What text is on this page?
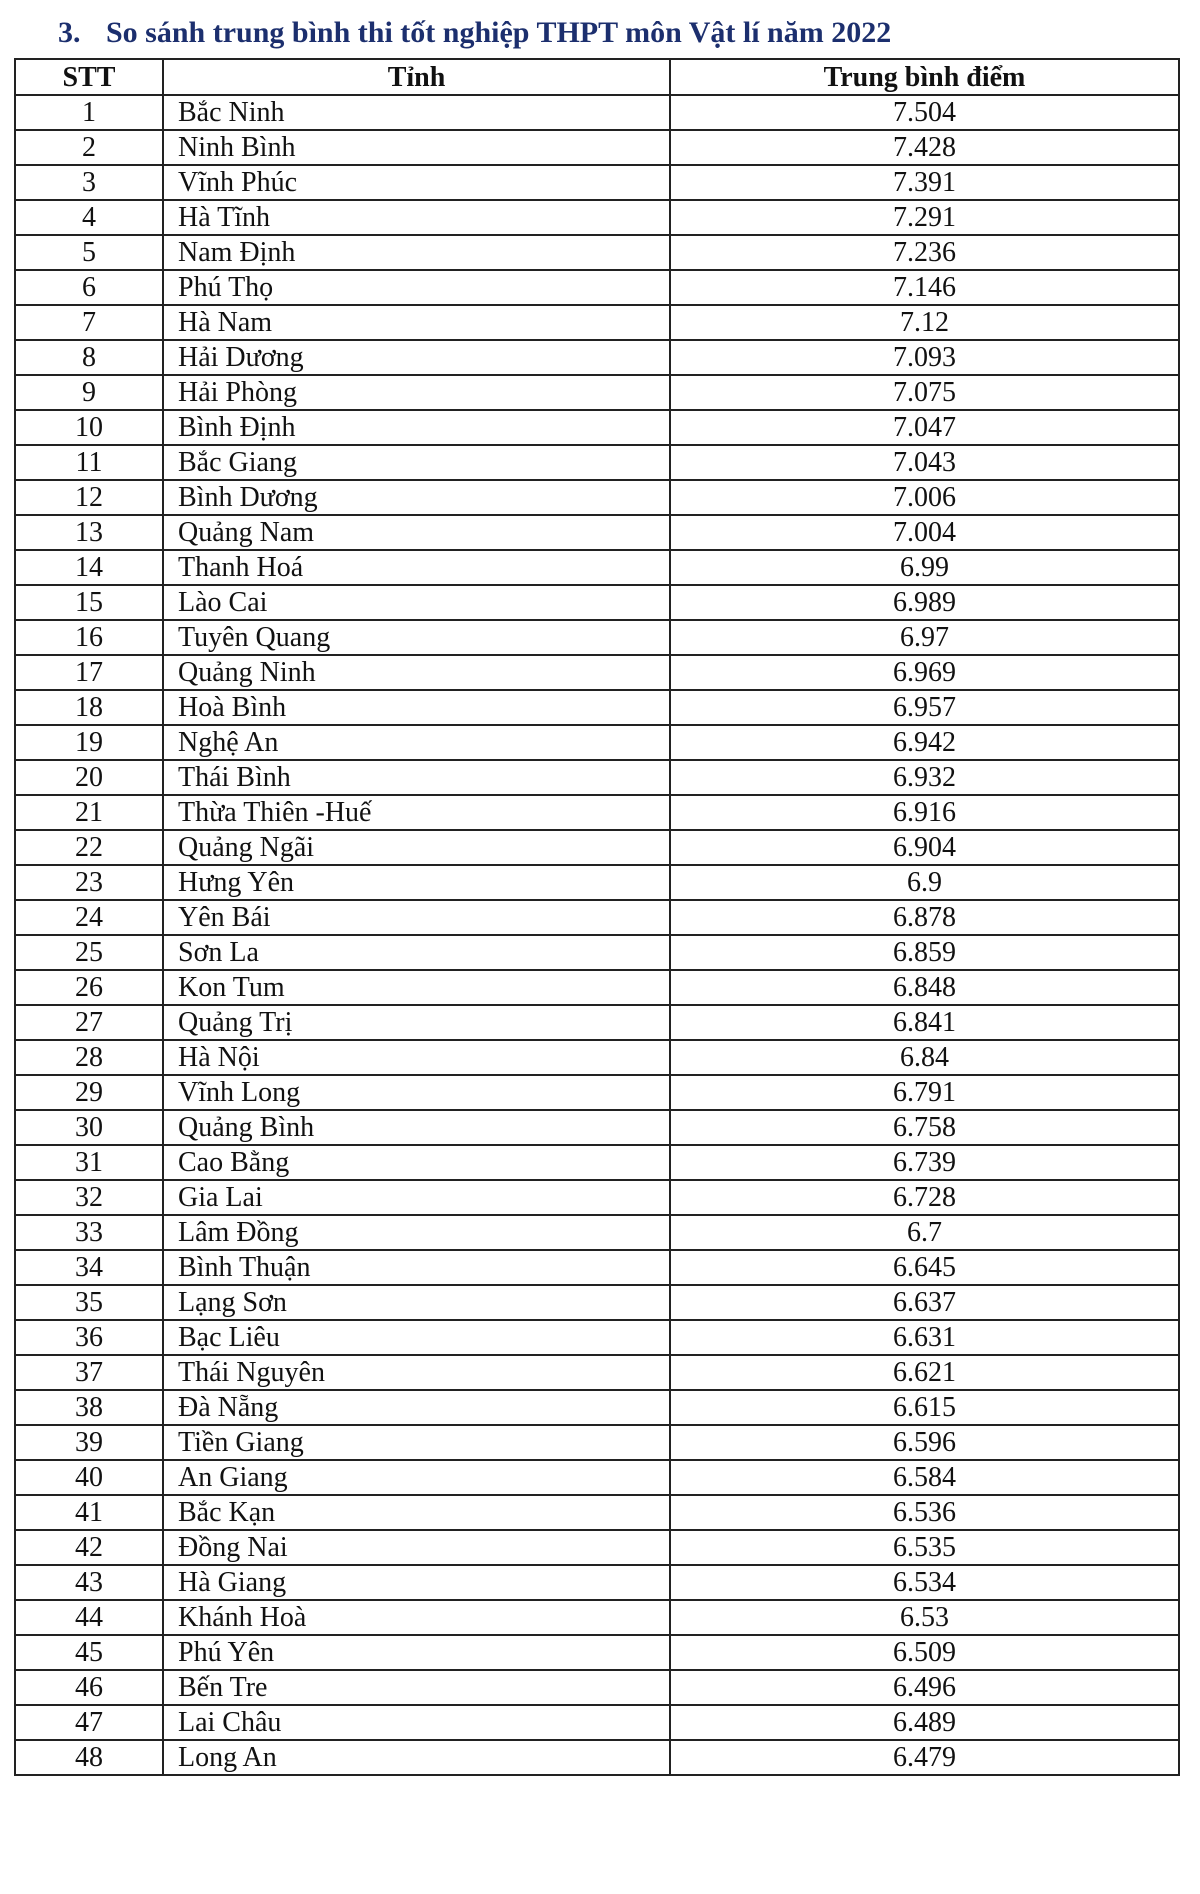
3. So sánh trung bình thi tốt nghiệp THPT môn Vật lí năm 2022
STT	Tỉnh	Trung bình điểm
1	Bắc Ninh	7.504
2	Ninh Bình	7.428
3	Vĩnh Phúc	7.391
4	Hà Tĩnh	7.291
5	Nam Định	7.236
6	Phú Thọ	7.146
7	Hà Nam	7.12
8	Hải Dương	7.093
9	Hải Phòng	7.075
10	Bình Định	7.047
11	Bắc Giang	7.043
12	Bình Dương	7.006
13	Quảng Nam	7.004
14	Thanh Hoá	6.99
15	Lào Cai	6.989
16	Tuyên Quang	6.97
17	Quảng Ninh	6.969
18	Hoà Bình	6.957
19	Nghệ An	6.942
20	Thái Bình	6.932
21	Thừa Thiên -Huế	6.916
22	Quảng Ngãi	6.904
23	Hưng Yên	6.9
24	Yên Bái	6.878
25	Sơn La	6.859
26	Kon Tum	6.848
27	Quảng Trị	6.841
28	Hà Nội	6.84
29	Vĩnh Long	6.791
30	Quảng Bình	6.758
31	Cao Bằng	6.739
32	Gia Lai	6.728
33	Lâm Đồng	6.7
34	Bình Thuận	6.645
35	Lạng Sơn	6.637
36	Bạc Liêu	6.631
37	Thái Nguyên	6.621
38	Đà Nẵng	6.615
39	Tiền Giang	6.596
40	An Giang	6.584
41	Bắc Kạn	6.536
42	Đồng Nai	6.535
43	Hà Giang	6.534
44	Khánh Hoà	6.53
45	Phú Yên	6.509
46	Bến Tre	6.496
47	Lai Châu	6.489
48	Long An	6.479
